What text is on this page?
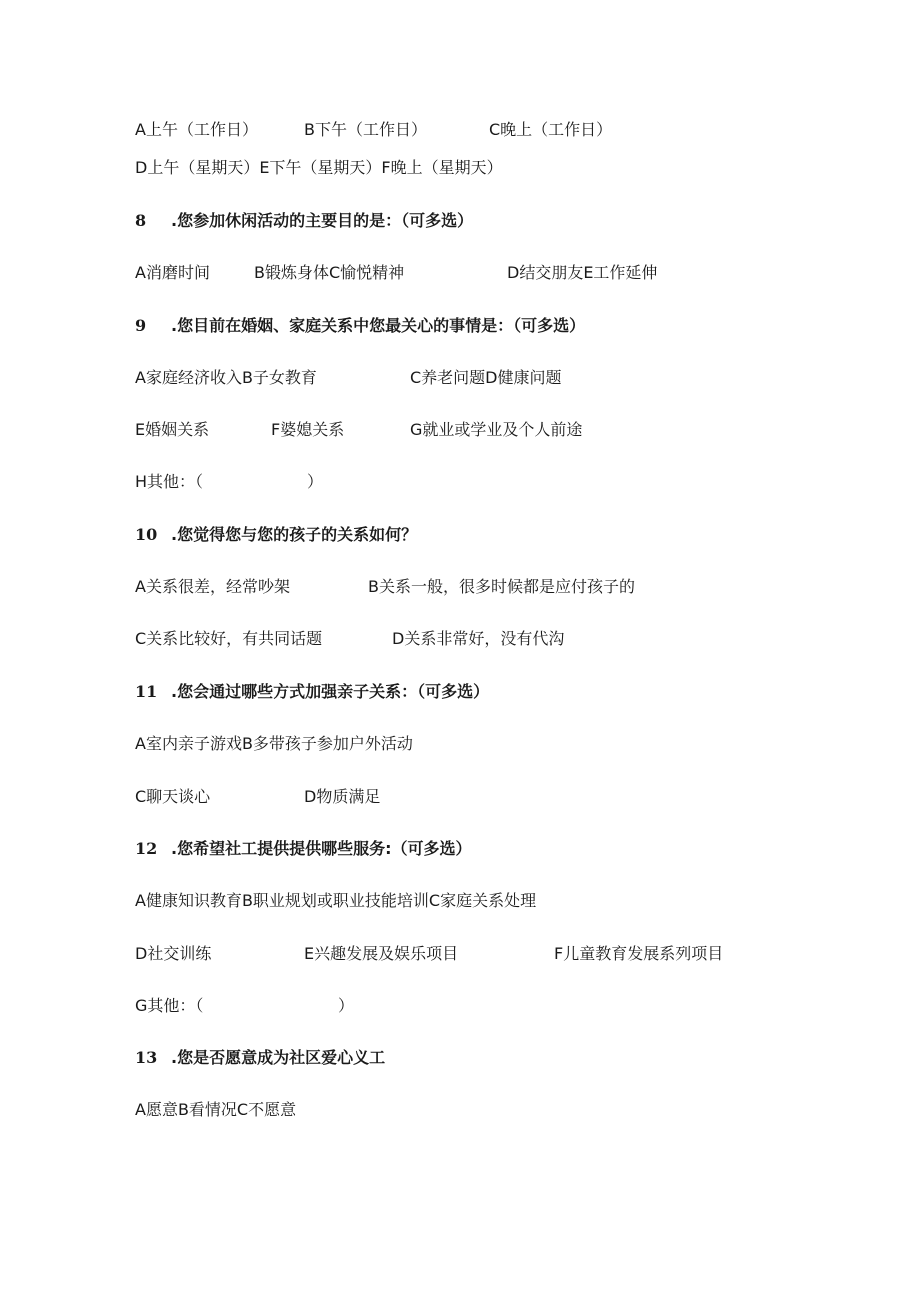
A上午（工作日）	B下午（工作日）	C晚上（工作日）
D上午（星期天）E下午（星期天）F晚上（星期天）
8 .您参加休闲活动的主要目的是：（可多选）
A消磨时间	B锻炼身体C愉悦精神	D结交朋友E工作延伸
9 .您目前在婚姻、家庭关系中您最关心的事情是：（可多选）
A家庭经济收入B子女教育	C养老问题D健康问题
E婚姻关系	F婆媳关系	G就业或学业及个人前途
H其他：（	）
10 .您觉得您与您的孩子的关系如何？
A关系很差，经常吵架	B关系一般，很多时候都是应付孩子的
C关系比较好，有共同话题	D关系非常好，没有代沟
11 .您会通过哪些方式加强亲子关系：（可多选）
A室内亲子游戏B多带孩子参加户外活动
C聊天谈心	D物质满足
12 .您希望社工提供提供哪些服务:（可多选）
A健康知识教育B职业规划或职业技能培训C家庭关系处理
D社交训练	E兴趣发展及娱乐项目	F儿童教育发展系列项目
G其他：（	）
13 .您是否愿意成为社区爱心义工
A愿意B看情况C不愿意
